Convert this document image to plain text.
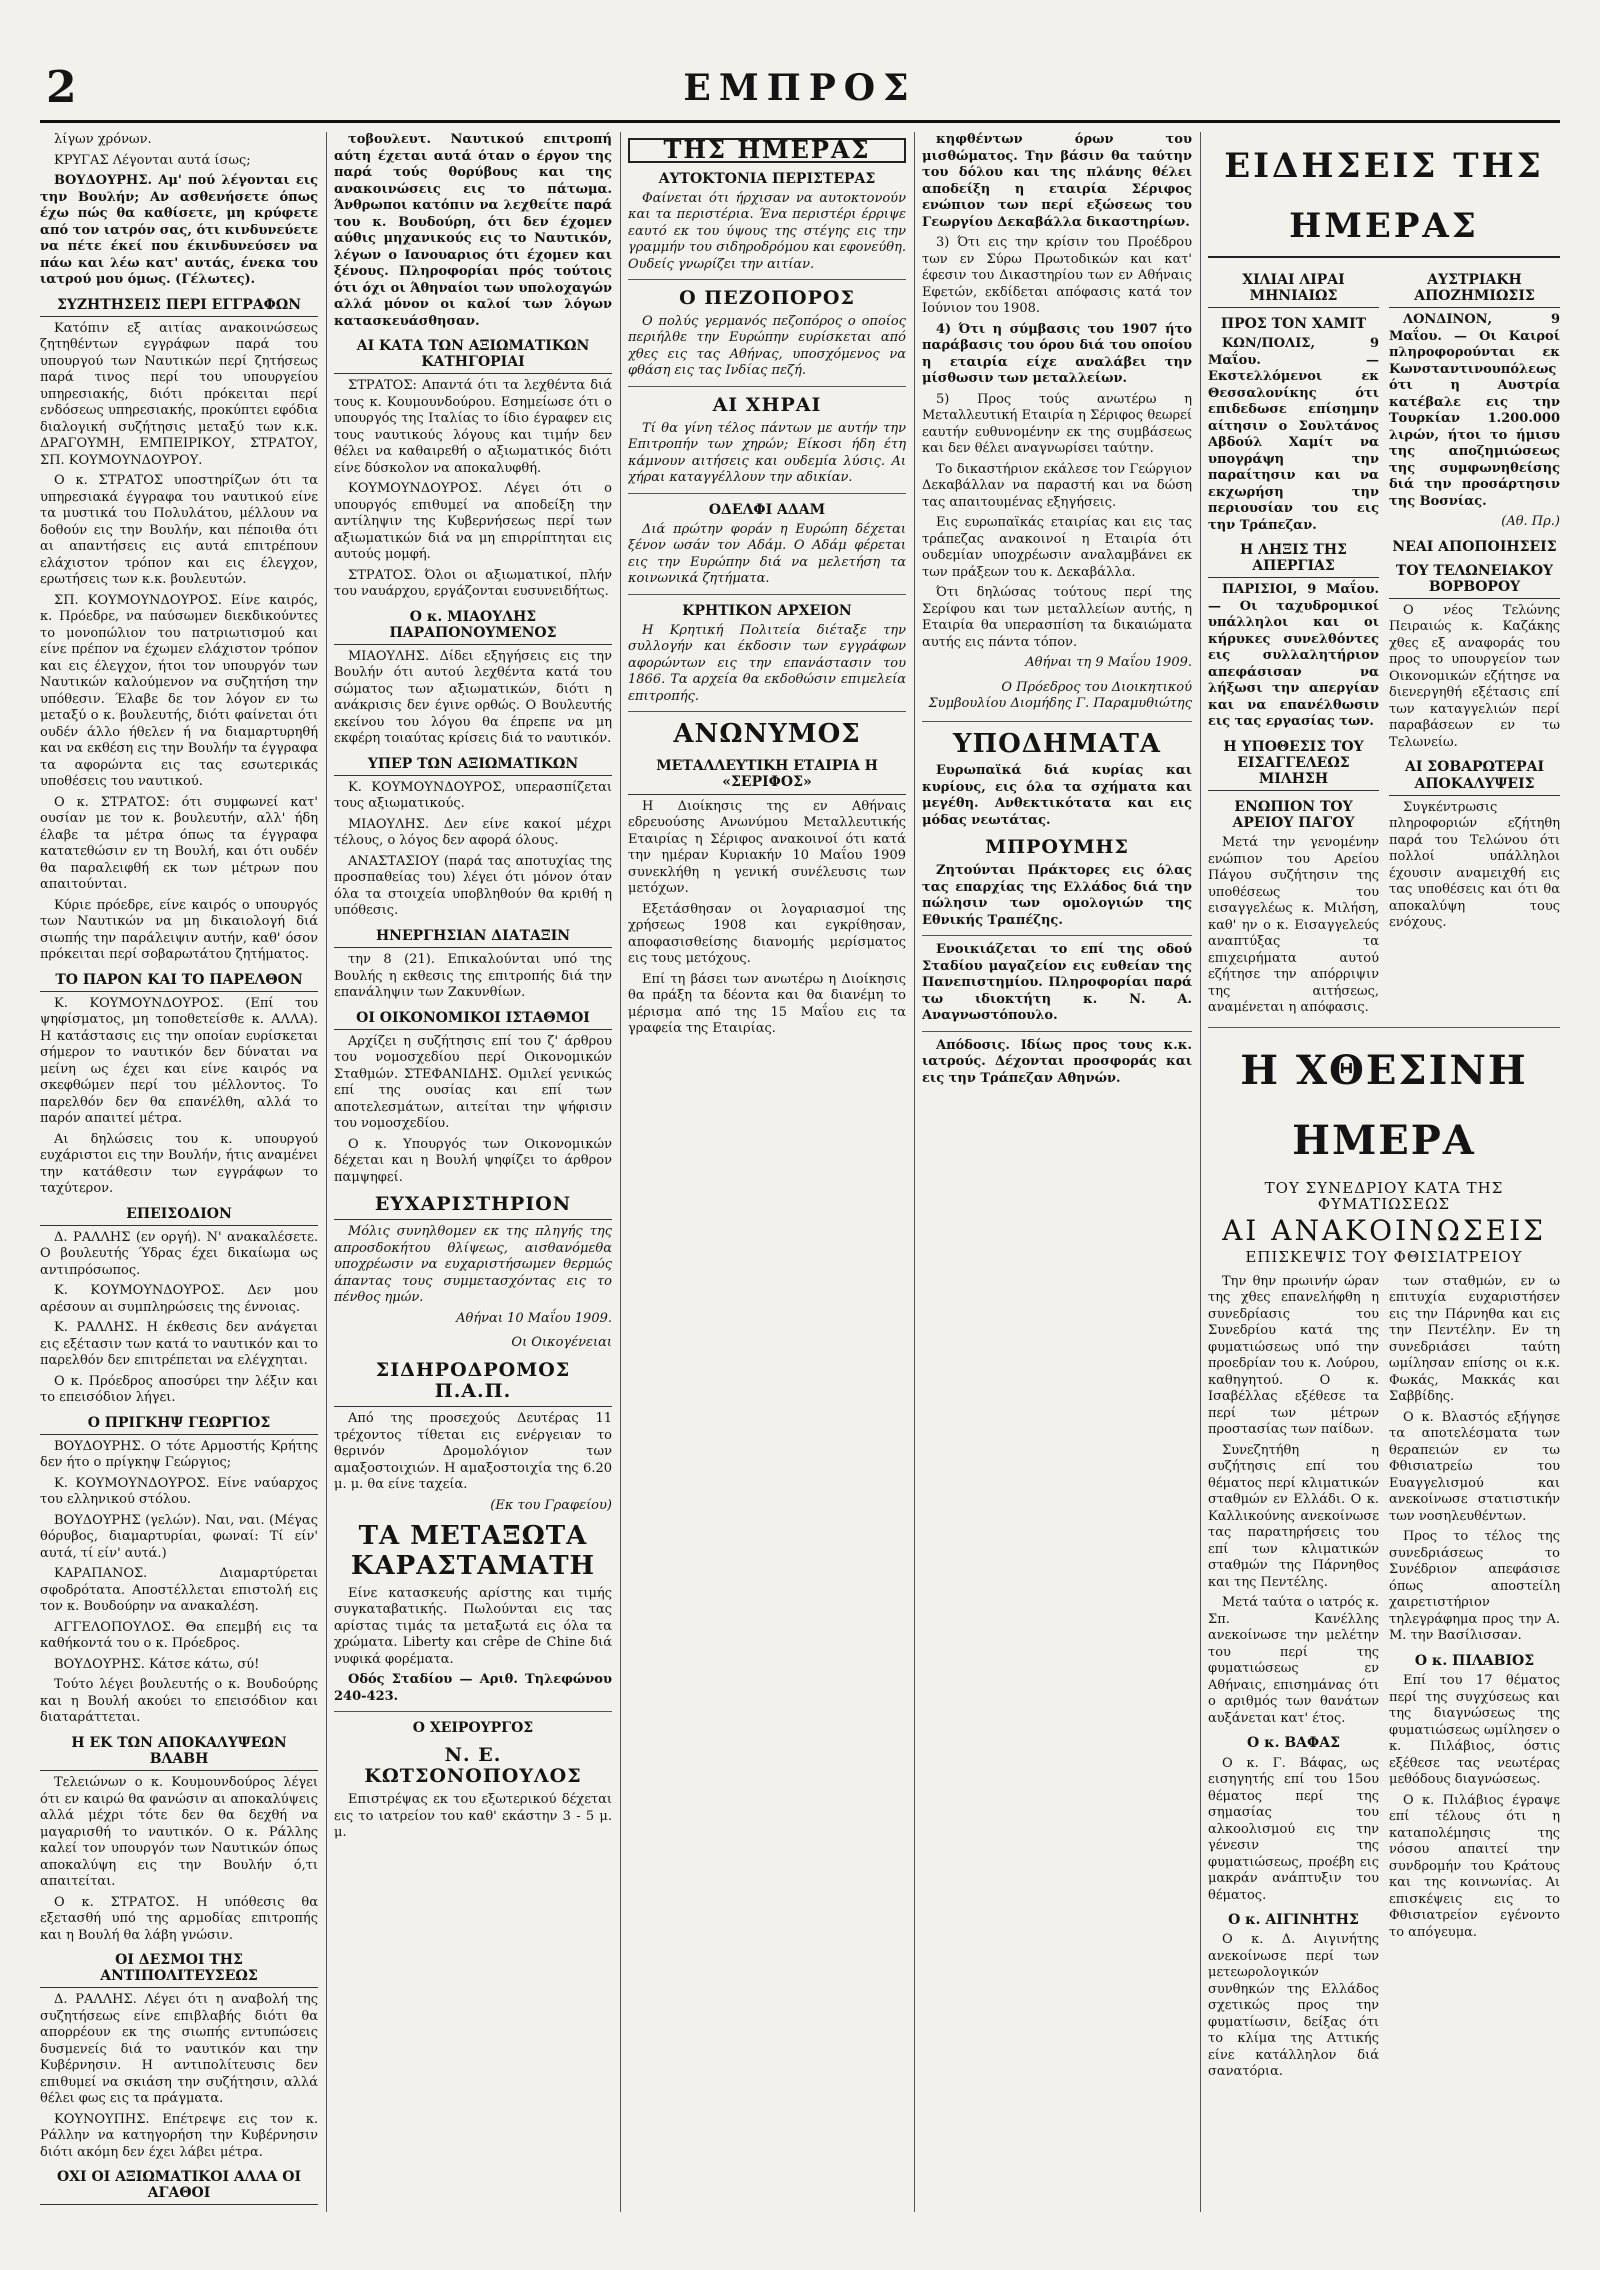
2	ΕΜΠΡΟΣ

λίγων χρόνων.

ΚΡΥΓΑΣ Λέγονται αυτά ίσως;

ΒΟΥΔΟΥΡΗΣ. Αμ' πού λέγονται εις την Βουλήν; Αν ασθενήσετε όπως έχω πώς θα καθίσετε, μη κρύφετε από τον ιατρόν σας, ότι κινδυνεύετε να πέτε έκεί που έκινδυνεύσεν να πάω και λέω κατ' αυτάς, ένεκα του ιατρού μου όμως. (Γέλωτες).

ΣΥΖΗΤΗΣΕΙΣ ΠΕΡΙ ΕΓΓΡΑΦΩΝ

Κατόπιν εξ αιτίας ανακοινώσεως ζητηθέντων εγγράφων παρά του υπουργού των Ναυτικών περί ζητήσεως παρά τινος περί του υπουργείου υπηρεσιακής, διότι πρόκειται περί ενδόσεως υπηρεσιακής, προκύπτει εφόδια διαλογική συζήτησις μεταξύ των κ.κ. ΔΡΑΓΟΥΜΗ, ΕΜΠΕΙΡΙΚΟΥ, ΣΤΡΑΤΟΥ, ΣΠ. ΚΟΥΜΟΥΝΔΟΥΡΟΥ.

Ο κ. ΣΤΡΑΤΟΣ υποστηρίζων ότι τα υπηρεσιακά έγγραφα του ναυτικού είνε τα μυστικά του Πολυλάτου, μέλλουν να δοθούν εις την Βουλήν, και πέποιθα ότι αι απαντήσεις εις αυτά επιτρέπουν ελάχιστον τρόπον και εις έλεγχον, ερωτήσεις των κ.κ. βουλευτών.

ΣΠ. ΚΟΥΜΟΥΝΔΟΥΡΟΣ. Είνε καιρός, κ. Πρόεδρε, να παύσωμεν διεκδικούντες το μονοπώλιον του πατριωτισμού και είνε πρέπον να έχωμεν ελάχιστον τρόπον και εις έλεγχον, ήτοι τον υπουργόν των Ναυτικών καλούμενον να συζητήση την υπόθεσιν. Έλαβε δε τον λόγον εν τω μεταξύ ο κ. βουλευτής, διότι φαίνεται ότι ουδέν άλλο ήθελεν ή να διαμαρτυρηθή και να εκθέση εις την Βουλήν τα έγγραφα τα αφορώντα εις τας εσωτερικάς υποθέσεις του ναυτικού.

Ο κ. ΣΤΡΑΤΟΣ: ότι συμφωνεί κατ' ουσίαν με τον κ. βουλευτήν, αλλ' ήδη έλαβε τα μέτρα όπως τα έγγραφα κατατεθώσιν εν τη Βουλή, και ότι ουδέν θα παραλειφθή εκ των μέτρων που απαιτούνται.

Κύριε πρόεδρε, είνε καιρός ο υπουργός των Ναυτικών να μη δικαιολογή διά σιωπής την παράλειψιν αυτήν, καθ' όσον πρόκειται περί σοβαρωτάτου ζητήματος.

ΤΟ ΠΑΡΟΝ ΚΑΙ ΤΟ ΠΑΡΕΛΘΟΝ

Κ. ΚΟΥΜΟΥΝΔΟΥΡΟΣ. (Επί του ψηφίσματος, μη τοποθετείσθε κ. ΑΛΛΑ). Η κατάστασις εις την οποίαν ευρίσκεται σήμερον το ναυτικόν δεν δύναται να μείνη ως έχει και είνε καιρός να σκεφθώμεν περί του μέλλοντος. Το παρελθόν δεν θα επανέλθη, αλλά το παρόν απαιτεί μέτρα.

Αι δηλώσεις του κ. υπουργού ευχάριστοι εις την Βουλήν, ήτις αναμένει την κατάθεσιν των εγγράφων το ταχύτερον.

ΕΠΕΙΣΟΔΙΟΝ

Δ. ΡΑΛΛΗΣ (εν οργή). Ν' ανακαλέσετε. Ο βουλευτής Ύδρας έχει δικαίωμα ως αντιπρόσωπος.

Κ. ΚΟΥΜΟΥΝΔΟΥΡΟΣ. Δεν μου αρέσουν αι συμπληρώσεις της έννοιας.

Κ. ΡΑΛΛΗΣ. Η έκθεσις δεν ανάγεται εις εξέτασιν των κατά το ναυτικόν και το παρελθόν δεν επιτρέπεται να ελέγχηται.

Ο κ. Πρόεδρος αποσύρει την λέξιν και το επεισόδιον λήγει.

Ο ΠΡΙΓΚΗΨ ΓΕΩΡΓΙΟΣ

ΒΟΥΔΟΥΡΗΣ. Ο τότε Αρμοστής Κρήτης δεν ήτο ο πρίγκηψ Γεώργιος;

Κ. ΚΟΥΜΟΥΝΔΟΥΡΟΣ. Είνε ναύαρχος του ελληνικού στόλου.

ΒΟΥΔΟΥΡΗΣ (γελών). Ναι, ναι. (Μέγας θόρυβος, διαμαρτυρίαι, φωναί: Τί είν' αυτά, τί είν' αυτά.)

ΚΑΡΑΠΑΝΟΣ. Διαμαρτύρεται σφοδρότατα. Αποστέλλεται επιστολή εις τον κ. Βουδούρην να ανακαλέση.

ΑΓΓΕΛΟΠΟΥΛΟΣ. Θα επεμβή εις τα καθήκοντά του ο κ. Πρόεδρος.

ΒΟΥΔΟΥΡΗΣ. Κάτσε κάτω, σύ!

Τούτο λέγει βουλευτής ο κ. Βουδούρης και η Βουλή ακούει το επεισόδιον και διαταράττεται.

Η ΕΚ ΤΩΝ ΑΠΟΚΑΛΥΨΕΩΝ ΒΛΑΒΗ

Τελειώνων ο κ. Κουμουνδούρος λέγει ότι εν καιρώ θα φανώσιν αι αποκαλύψεις αλλά μέχρι τότε δεν θα δεχθή να μαγαρισθή το ναυτικόν. Ο κ. Ράλλης καλεί τον υπουργόν των Ναυτικών όπως αποκαλύψη εις την Βουλήν ό,τι απαιτείται.

Ο κ. ΣΤΡΑΤΟΣ. Η υπόθεσις θα εξετασθή υπό της αρμοδίας επιτροπής και η Βουλή θα λάβη γνώσιν.

ΟΙ ΔΕΣΜΟΙ ΤΗΣ ΑΝΤΙΠΟΛΙΤΕΥΣΕΩΣ

Δ. ΡΑΛΛΗΣ. Λέγει ότι η αναβολή της συζητήσεως είνε επιβλαβής διότι θα απορρέουν εκ της σιωπής εντυπώσεις δυσμενείς διά το ναυτικόν και την Κυβέρνησιν. Η αντιπολίτευσις δεν επιθυμεί να σκιάση την συζήτησιν, αλλά θέλει φως εις τα πράγματα.

ΚΟΥΝΟΥΠΗΣ. Επέτρεψε εις τον κ. Ράλλην να κατηγορήση την Κυβέρνησιν διότι ακόμη δεν έχει λάβει μέτρα.

ΟΧΙ ΟΙ ΑΞΙΩΜΑΤΙΚΟΙ ΑΛΛΑ ΟΙ ΑΓΑΘΟΙ

τοβουλευτ. Ναυτικού επιτροπή αύτη έχεται αυτά όταν ο έργον της παρά τούς θορύβους και της ανακοινώσεις εις το πάτωμα. Άνθρωποι κατόπιν να λεχθείτε παρά του κ. Βουδούρη, ότι δεν έχομεν αύθις μηχανικούς εις το Ναυτικόν, λέγων ο Ιανουαριος ότι έχομεν και ξένους. Πληροφορίαι πρός τούτοις ότι όχι οι Άθηναίοι των υπολοχαγών αλλά μόνον οι καλοί των λόγων κατασκευάσθησαν.

ΑΙ ΚΑΤΑ ΤΩΝ ΑΞΙΩΜΑΤΙΚΩΝ ΚΑΤΗΓΟΡΙΑΙ

ΣΤΡΑΤΟΣ: Απαντά ότι τα λεχθέντα διά τους κ. Κουμουνδούρου. Εσημείωσε ότι ο υπουργός της Ιταλίας το ίδιο έγραφεν εις τους ναυτικούς λόγους και τιμήν δεν θέλει να καθαιρεθή ο αξιωματικός διότι είνε δύσκολον να αποκαλυφθή.

ΚΟΥΜΟΥΝΔΟΥΡΟΣ. Λέγει ότι ο υπουργός επιθυμεί να αποδείξη την αντίληψιν της Κυβερνήσεως περί των αξιωματικών διά να μη επιρρίπτηται εις αυτούς μομφή.

ΣΤΡΑΤΟΣ. Όλοι οι αξιωματικοί, πλήν του ναυάρχου, εργάζονται ευσυνειδήτως.

Ο κ. ΜΙΑΟΥΛΗΣ ΠΑΡΑΠΟΝΟΥΜΕΝΟΣ

ΜΙΑΟΥΛΗΣ. Δίδει εξηγήσεις εις την Βουλήν ότι αυτού λεχθέντα κατά του σώματος των αξιωματικών, διότι η ανάκρισις δεν έγινε ορθώς. Ο Βουλευτής εκείνου του λόγου θα έπρεπε να μη εκφέρη τοιαύτας κρίσεις διά το ναυτικόν.

ΥΠΕΡ ΤΩΝ ΑΞΙΩΜΑΤΙΚΩΝ

Κ. ΚΟΥΜΟΥΝΔΟΥΡΟΣ, υπερασπίζεται τους αξιωματικούς.

ΜΙΑΟΥΛΗΣ. Δεν είνε κακοί μέχρι τέλους, ο λόγος δεν αφορά όλους.

ΑΝΑΣΤΑΣΙΟΥ (παρά τας αποτυχίας της προσπαθείας του) λέγει ότι μόνον όταν όλα τα στοιχεία υποβληθούν θα κριθή η υπόθεσις.

ΗΝΕΡΓΗΣΙΑΝ ΔΙΑΤΑΞΙΝ

την 8 (21). Επικαλούνται υπό της Βουλής η εκθεσις της επιτροπής διά την επανάληψιν των Ζακυνθίων.

ΟΙ ΟΙΚΟΝΟΜΙΚΟΙ ΙΣΤΑΘΜΟΙ

Αρχίζει η συζήτησις επί του ζ' άρθρου του νομοσχεδίου περί Οικονομικών Σταθμών. ΣΤΕΦΑΝΙΔΗΣ. Ομιλεί γενικώς επί της ουσίας και επί των αποτελεσμάτων, αιτείται την ψήφισιν του νομοσχεδίου.

Ο κ. Υπουργός των Οικονομικών δέχεται και η Βουλή ψηφίζει το άρθρον παμψηφεί.

ΕΥΧΑΡΙΣΤΗΡΙΟΝ

Μόλις συνηλθομεν εκ της πληγής της απροσδοκήτου θλίψεως, αισθανόμεθα υποχρέωσιν να ευχαριστήσωμεν θερμώς άπαντας τους συμμετασχόντας εις το πένθος ημών.

Αθήναι 10 Μαΐου 1909.
Οι Οικογένειαι
ΣΙΔΗΡΟΔΡΟΜΟΣ Π.Α.Π.

Από της προσεχούς Δευτέρας 11 τρέχοντος τίθεται εις ενέργειαν το θερινόν Δρομολόγιον των αμαξοστοιχιών. Η αμαξοστοιχία της 6.20 μ. μ. θα είνε ταχεία.

(Εκ του Γραφείου)
ΤΑ ΜΕΤΑΞΩΤΑ ΚΑΡΑΣΤΑΜΑΤΗ

Είνε κατασκευής αρίστης και τιμής συγκαταβατικής. Πωλούνται εις τας αρίστας τιμάς τα μεταξωτά εις όλα τα χρώματα. Liberty και crêpe de Chine διά νυφικά φορέματα.

Οδός Σταδίου — Αριθ. Τηλεφώνου 240-423.

Ο ΧΕΙΡΟΥΡΓΟΣ
Ν. Ε. ΚΩΤΣΟΝΟΠΟΥΛΟΣ

Επιστρέψας εκ του εξωτερικού δέχεται εις το ιατρείον του καθ' εκάστην 3 - 5 μ. μ.

ΤΗΣ ΗΜΕΡΑΣ
ΑΥΤΟΚΤΟΝΙΑ ΠΕΡΙΣΤΕΡΑΣ

Φαίνεται ότι ήρχισαν να αυτοκτονούν και τα περιστέρια. Ένα περιστέρι έρριψε εαυτό εκ του ύψους της στέγης εις την γραμμήν του σιδηροδρόμου και εφονεύθη. Ουδείς γνωρίζει την αιτίαν.

Ο ΠΕΖΟΠΟΡΟΣ

Ο πολύς γερμανός πεζοπόρος ο οποίος περιήλθε την Ευρώπην ευρίσκεται από χθες εις τας Αθήνας, υποσχόμενος να φθάση εις τας Ινδίας πεζή.

ΑΙ ΧΗΡΑΙ

Τί θα γίνη τέλος πάντων με αυτήν την Επιτροπήν των χηρών; Είκοσι ήδη έτη κάμνουν αιτήσεις και ουδεμία λύσις. Αι χήραι καταγγέλλουν την αδικίαν.

ΟΔΕΛΦΙ ΑΔΑΜ

Διά πρώτην φοράν η Ευρώπη δέχεται ξένον ωσάν τον Αδάμ. Ο Αδάμ φέρεται εις την Ευρώπην διά να μελετήση τα κοινωνικά ζητήματα.

ΚΡΗΤΙΚΟΝ ΑΡΧΕΙΟΝ

Η Κρητική Πολιτεία διέταξε την συλλογήν και έκδοσιν των εγγράφων αφορώντων εις την επανάστασιν του 1866. Τα αρχεία θα εκδοθώσιν επιμελεία επιτροπής.

ΑΝΩΝΥΜΟΣ
ΜΕΤΑΛΛΕΥΤΙΚΗ ΕΤΑΙΡΙΑ Η «ΣΕΡΙΦΟΣ»

Η Διοίκησις της εν Αθήναις εδρευούσης Ανωνύμου Μεταλλευτικής Εταιρίας η Σέριφος ανακοινοί ότι κατά την ημέραν Κυριακήν 10 Μαΐου 1909 συνεκλήθη η γενική συνέλευσις των μετόχων.

Εξετάσθησαν οι λογαριασμοί της χρήσεως 1908 και εγκρίθησαν, αποφασισθείσης διανομής μερίσματος εις τους μετόχους.

Επί τη βάσει των ανωτέρω η Διοίκησις θα πράξη τα δέοντα και θα διανέμη το μέρισμα από της 15 Μαΐου εις τα γραφεία της Εταιρίας.

κηφθέντων όρων του μισθώματος. Την βάσιν θα ταύτην του δόλου και της πλάνης θέλει αποδείξη η εταιρία Σέριφος ενώπιον των περί εξώσεως του Γεωργίου Δεκαβάλλα δικαστηρίων.

3) Ότι εις την κρίσιν του Προέδρου των εν Σύρω Πρωτοδικών και κατ' έφεσιν του Δικαστηρίου των εν Αθήναις Εφετών, εκδίδεται απόφασις κατά τον Ιούνιον του 1908.

4) Ότι η σύμβασις του 1907 ήτο παράβασις του όρου διά του οποίου η εταιρία είχε αναλάβει την μίσθωσιν των μεταλλείων.

5) Προς τούς ανωτέρω η Μεταλλευτική Εταιρία η Σέριφος θεωρεί εαυτήν ευθυνομένην εκ της συμβάσεως και δεν θέλει αναγνωρίσει ταύτην.

Το δικαστήριον εκάλεσε τον Γεώργιον Δεκαβάλλαν να παραστή και να δώση τας απαιτουμένας εξηγήσεις.

Εις ευρωπαϊκάς εταιρίας και εις τας τράπεζας ανακοινοί η Εταιρία ότι ουδεμίαν υποχρέωσιν αναλαμβάνει εκ των πράξεων του κ. Δεκαβάλλα.

Ότι δηλώσας τούτους περί της Σερίφου και των μεταλλείων αυτής, η Εταιρία θα υπερασπίση τα δικαιώματα αυτής εις πάντα τόπον.

Αθήναι τη 9 Μαΐου 1909.
Ο Πρόεδρος του Διοικητικού Συμβουλίου Διομήδης Γ. Παραμυθιώτης
ΥΠΟΔΗΜΑΤΑ

Ευρωπαϊκά διά κυρίας και κυρίους, εις όλα τα σχήματα και μεγέθη. Ανθεκτικότατα και εις μόδας νεωτάτας.

ΜΠΡΟΥΜΗΣ

Ζητούνται Πράκτορες εις όλας τας επαρχίας της Ελλάδος διά την πώλησιν των ομολογιών της Εθνικής Τραπέζης.

Ενοικιάζεται το επί της οδού Σταδίου μαγαζείον εις ευθείαν της Πανεπιστημίου. Πληροφορίαι παρά τω ιδιοκτήτη κ. Ν. Α. Αναγνωστόπουλο.

Απόδοσις. Ιδίως προς τους κ.κ. ιατρούς. Δέχονται προσφοράς και εις την Τράπεζαν Αθηνών.

ΕΙΔΗΣΕΙΣ ΤΗΣ ΗΜΕΡΑΣ
ΧΙΛΙΑΙ ΛΙΡΑΙ ΜΗΝΙΑΙΩΣ
ΠΡΟΣ ΤΟΝ ΧΑΜΙΤ

ΚΩΝ/ΠΟΛΙΣ, 9 Μαΐου. — Εκστελλόμενοι εκ Θεσσαλονίκης ότι επιδεδωσε επίσημην αίτησιν ο Σουλτάνος Αβδούλ Χαμίτ να υπογράψη την παραίτησιν και να εκχωρήση την περιουσίαν του εις την Τράπεζαν.

Η ΛΗΞΙΣ ΤΗΣ ΑΠΕΡΓΙΑΣ

ΠΑΡΙΣΙΟΙ, 9 Μαΐου. — Οι ταχυδρομικοί υπάλληλοι και οι κήρυκες συνελθόντες εις συλλαλητήριον απεφάσισαν να λήξωσι την απεργίαν και να επανέλθωσιν εις τας εργασίας των.

Η ΥΠΟΘΕΣΙΣ ΤΟΥ ΕΙΣΑΓΓΕΛΕΩΣ ΜΙΛΗΣΗ
ΕΝΩΠΙΟΝ ΤΟΥ ΑΡΕΙΟΥ ΠΑΓΟΥ

Μετά την γενομένην ενώπιον του Αρείου Πάγου συζήτησιν της υποθέσεως του εισαγγελέως κ. Μιλήση, καθ' ην ο κ. Εισαγγελεύς αναπτύξας τα επιχειρήματα αυτού εζήτησε την απόρριψιν της αιτήσεως, αναμένεται η απόφασις.

ΑΥΣΤΡΙΑΚΗ ΑΠΟΖΗΜΙΩΣΙΣ

ΛΟΝΔΙΝΟΝ, 9 Μαΐου. — Οι Καιροί πληροφορούνται εκ Κωνσταντινουπόλεως ότι η Αυστρία κατέβαλε εις την Τουρκίαν 1.200.000 λιρών, ήτοι το ήμισυ της αποζημιώσεως της συμφωνηθείσης διά την προσάρτησιν της Βοσνίας.

(Αθ. Πρ.)
ΝΕΑΙ ΑΠΟΠΟΙΗΣΕΙΣ
ΤΟΥ ΤΕΛΩΝΕΙΑΚΟΥ ΒΟΡΒΟΡΟΥ

Ο νέος Τελώνης Πειραιώς κ. Καζάκης χθες εξ αναφοράς του προς το υπουργείον των Οικονομικών εζήτησε να διενεργηθή εξέτασις επί των καταγγελιών περί παραβάσεων εν τω Τελωνείω.

ΑΙ ΣΟΒΑΡΩΤΕΡΑΙ ΑΠΟΚΑΛΥΨΕΙΣ

Συγκέντρωσις πληροφοριών εζήτηθη παρά του Τελώνου ότι πολλοί υπάλληλοι έχουσιν αναμειχθή εις τας υποθέσεις και ότι θα αποκαλύψη τους ενόχους.

Η ΧΘΕΣΙΝΗ ΗΜΕΡΑ
ΤΟΥ ΣΥΝΕΔΡΙΟΥ ΚΑΤΑ ΤΗΣ ΦΥΜΑΤΙΩΣΕΩΣ
ΑΙ ΑΝΑΚΟΙΝΩΣΕΙΣ
ΕΠΙΣΚΕΨΙΣ ΤΟΥ ΦΘΙΣΙΑΤΡΕΙΟΥ

Την θην πρωινήν ώραν της χθες επανελήφθη η συνεδρίασις του Συνεδρίου κατά της φυματιώσεως υπό την προεδρίαν του κ. Λούρου, καθηγητού. Ο κ. Ισαβέλλας εξέθεσε τα περί των μέτρων προστασίας των παίδων.

Συνεζητήθη η συζήτησις επί του θέματος περί κλιματικών σταθμών εν Ελλάδι. Ο κ. Καλλικούνης ανεκοίνωσε τας παρατηρήσεις του επί των κλιματικών σταθμών της Πάρνηθος και της Πεντέλης.

Μετά ταύτα ο ιατρός κ. Σπ. Κανέλλης ανεκοίνωσε την μελέτην του περί της φυματιώσεως εν Αθήναις, επισημάνας ότι ο αριθμός των θανάτων αυξάνεται κατ' έτος.

Ο κ. ΒΑΦΑΣ

Ο κ. Γ. Βάφας, ως εισηγητής επί του 15ου θέματος περί της σημασίας του αλκοολισμού εις την γένεσιν της φυματιώσεως, προέβη εις μακράν ανάπτυξιν του θέματος.

Ο κ. ΑΙΓΙΝΗΤΗΣ

Ο κ. Δ. Αιγινήτης ανεκοίνωσε περί των μετεωρολογικών συνθηκών της Ελλάδος σχετικώς προς την φυματίωσιν, δείξας ότι το κλίμα της Αττικής είνε κατάλληλον διά σανατόρια.

των σταθμών, εν ω επιτυχία ευχαριστήσεν εις την Πάρνηθα και εις την Πεντέλην. Εν τη συνεδριάσει ταύτη ωμίλησαν επίσης οι κ.κ. Φωκάς, Μακκάς και Σαββίδης.

Ο κ. Βλαστός εξήγησε τα αποτελέσματα των θεραπειών εν τω Φθισιατρείω του Ευαγγελισμού και ανεκοίνωσε στατιστικήν των νοσηλευθέντων.

Προς το τέλος της συνεδριάσεως το Συνέδριον απεφάσισε όπως αποστείλη χαιρετιστήριον τηλεγράφημα προς την Α. Μ. την Βασίλισσαν.

Ο κ. ΠΙΛΑΒΙΟΣ

Επί του 17 θέματος περί της συγχύσεως και της διαγνώσεως της φυματιώσεως ωμίλησεν ο κ. Πιλάβιος, όστις εξέθεσε τας νεωτέρας μεθόδους διαγνώσεως.

Ο κ. Πιλάβιος έγραψε επί τέλους ότι η καταπολέμησις της νόσου απαιτεί την συνδρομήν του Κράτους και της κοινωνίας. Αι επισκέψεις εις το Φθισιατρείον εγένοντο το απόγευμα.
